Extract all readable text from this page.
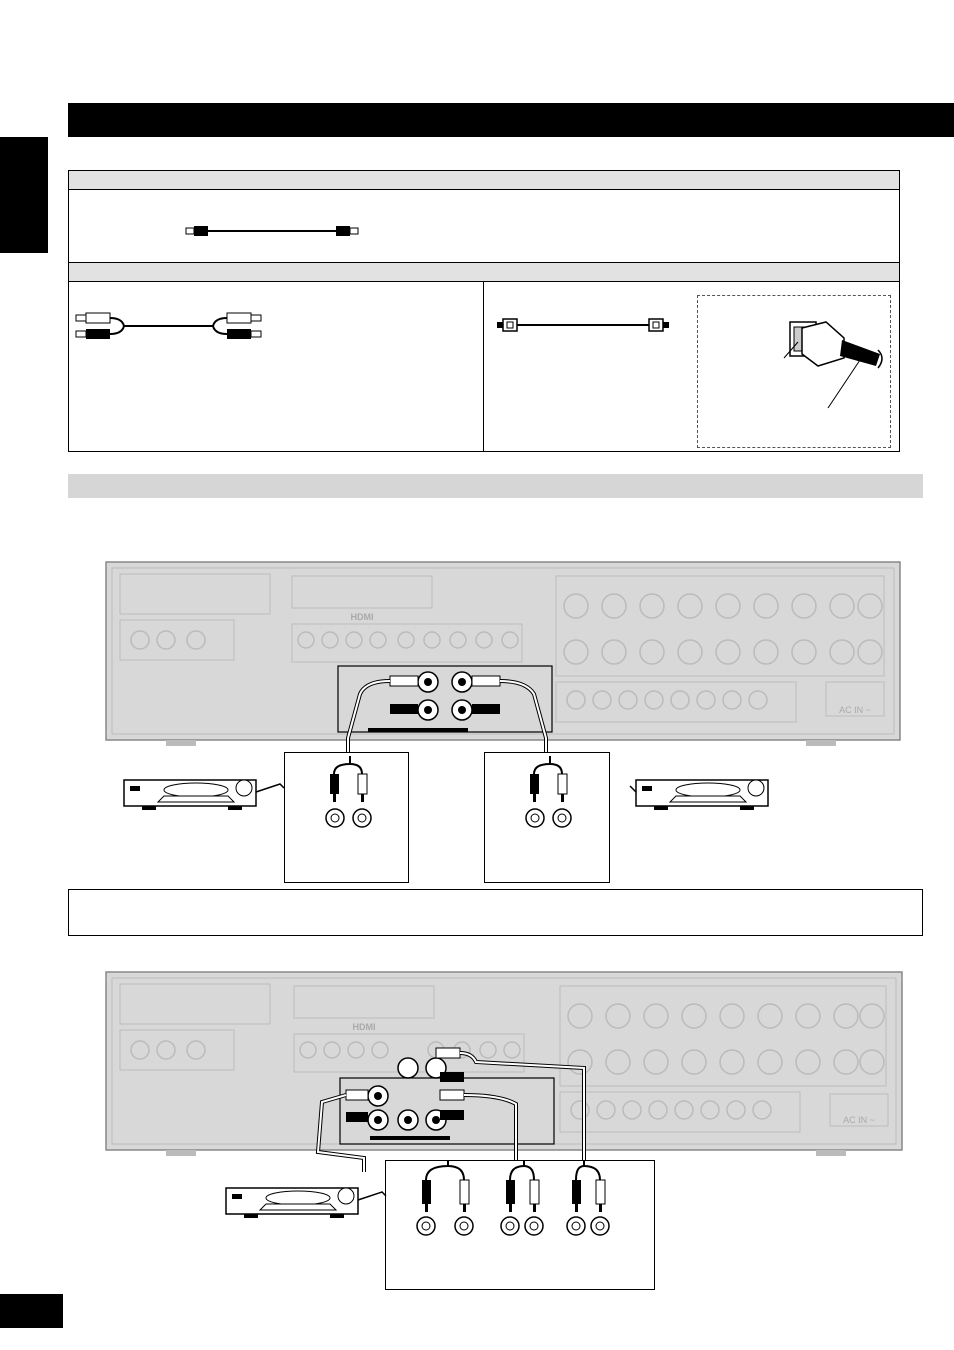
HDMI
AC IN ~
HDMI
AC IN ~
